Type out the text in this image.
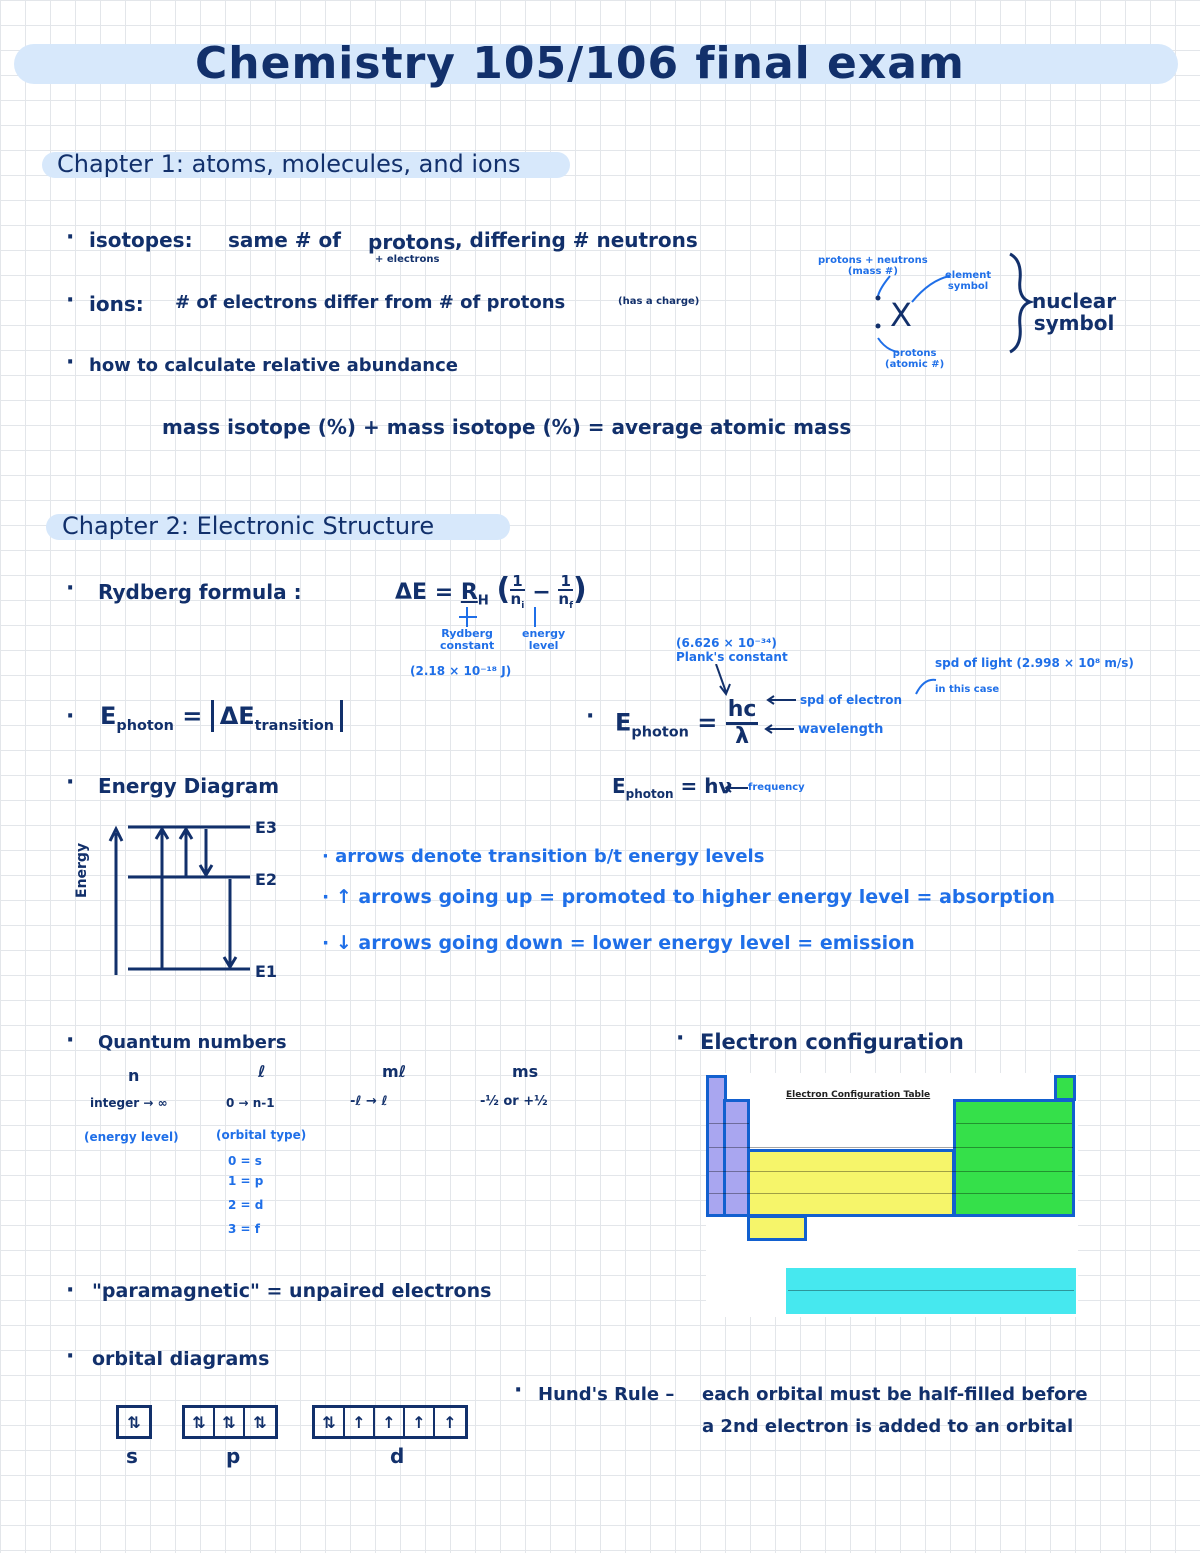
Chemistry 105/106 final exam
Chapter 1: atoms, molecules, and ions
· isotopes: same # of protons , differing # neutrons
+ electrons
· ions: # of electrons differ from # of protons	(has a charge)
· how to calculate relative abundance
mass isotope (%) + mass isotope (%) = average atomic mass
protons + neutrons
(mass #)	element
symbol
X
protons
(atomic #)
nuclear
symbol
Chapter 2: Electronic Structure
· Rydberg formula :	$\Delta E = R_H$ ( $\frac{1}{n_i} - \frac{1}{n_f}$ )
Rydberg
constant
(2.18 × 10⁻¹⁸ J)
energy
level
· $E_{photon} = \Delta E_{transition}$	· $E_{photon} = \frac{hc}{\lambda}$
(6.626 × 10⁻³⁴)
Plank's constant
spd of electron
wavelength
spd of light (2.998 × 10⁸ m/s)
in this case
· Energy Diagram	$E_{photon} = h\nu$ frequency
Energy
E3
E2
E1
· arrows denote transition b/t energy levels
· ↑ arrows going up = promoted to higher energy level = absorption
· ↓ arrows going down = lower energy level = emission
· Quantum numbers
n	ℓ	mℓ	ms
integer → ∞	0 → n-1	-ℓ → ℓ	-½ or +½
(energy level)	(orbital type)
0 = s
1 = p
2 = d
3 = f
· Electron configuration
Electron Configuration Table
· "paramagnetic" = unpaired electrons
· orbital diagrams
⇅	⇅	⇅	⇅	⇅	↑	↑	↑	↑
s	p	d
· Hund's Rule – each orbital must be half-filled before
a 2nd electron is added to an orbital
